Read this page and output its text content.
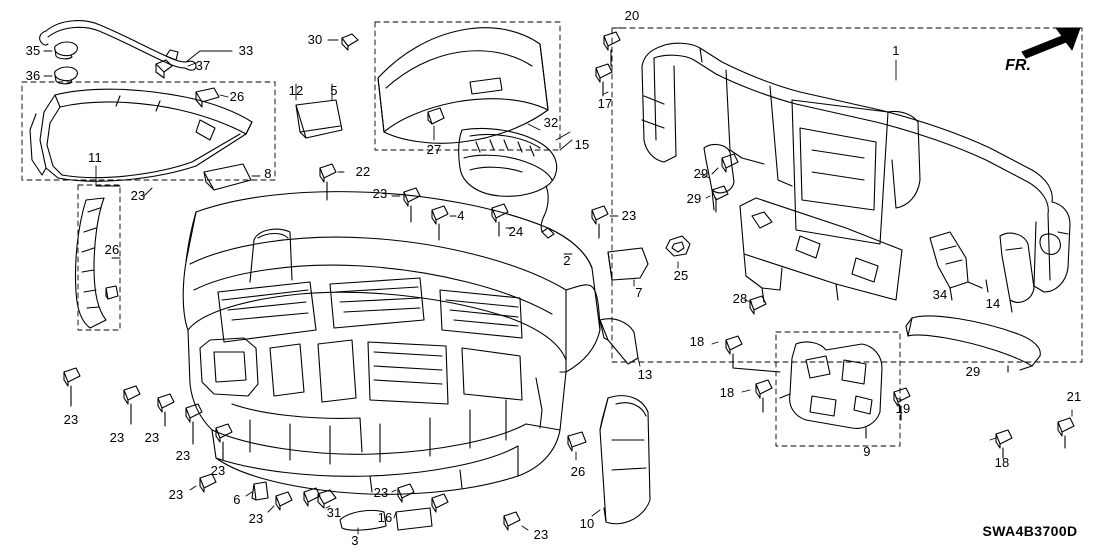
35	33
36
37
30
20
1
26	12 5
17
32
27	15
11
29
29
8	22
23	23
4	23
24
2
26
25
7	34
14
28
13	29
18
18
23
23 23
23
23
19
21
9
18
26
23	6	23
23	31	16	10
3	23
FR.
SWA4B3700D
